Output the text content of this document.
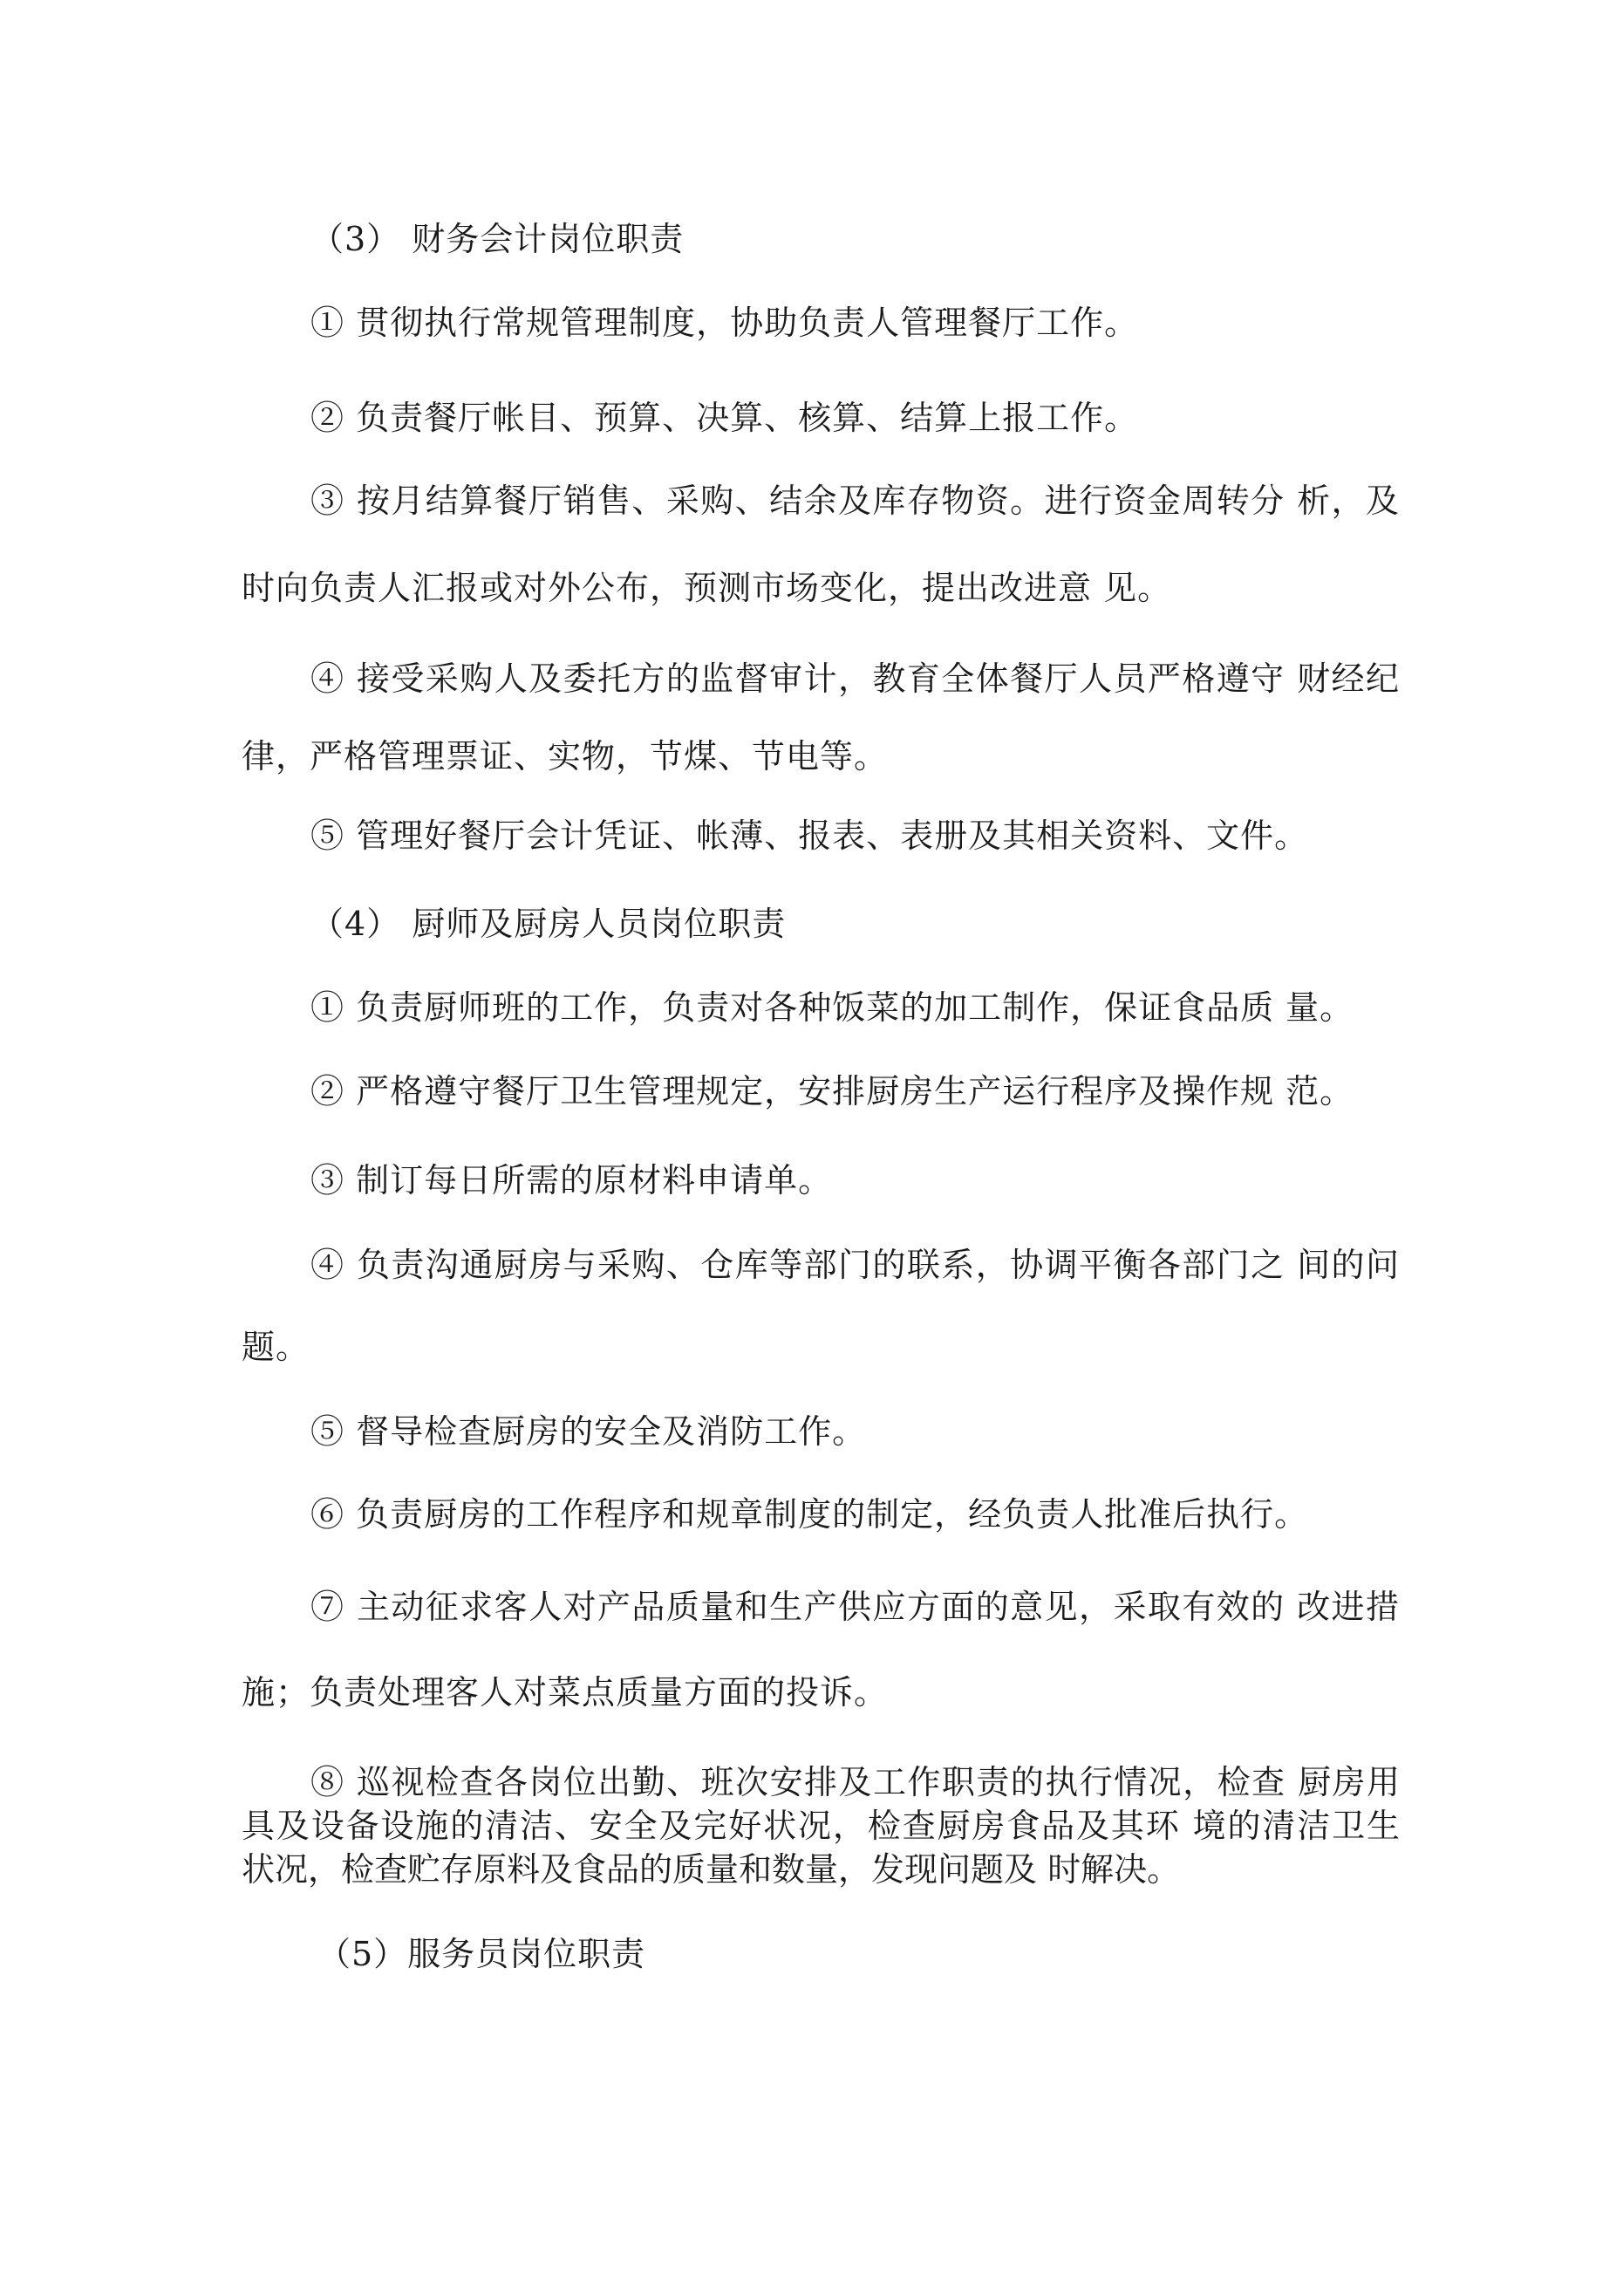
（3） 财务会计岗位职责

① 贯彻执行常规管理制度，协助负责人管理餐厅工作。

② 负责餐厅帐目、预算、决算、核算、结算上报工作。

③ 按月结算餐厅销售、采购、结余及库存物资。进行资金周转分 析，及

时向负责人汇报或对外公布，预测市场变化，提出改进意 见。

④ 接受采购人及委托方的监督审计，教育全体餐厅人员严格遵守 财经纪

律，严格管理票证、实物，节煤、节电等。

⑤ 管理好餐厅会计凭证、帐薄、报表、表册及其相关资料、文件。

（4） 厨师及厨房人员岗位职责

① 负责厨师班的工作，负责对各种饭菜的加工制作，保证食品质 量。

② 严格遵守餐厅卫生管理规定，安排厨房生产运行程序及操作规 范。

③ 制订每日所需的原材料申请单。

④ 负责沟通厨房与采购、仓库等部门的联系，协调平衡各部门之 间的问

题。

⑤ 督导检查厨房的安全及消防工作。

⑥ 负责厨房的工作程序和规章制度的制定，经负责人批准后执行。

⑦ 主动征求客人对产品质量和生产供应方面的意见，采取有效的 改进措

施；负责处理客人对菜点质量方面的投诉。

⑧ 巡视检查各岗位出勤、班次安排及工作职责的执行情况，检查 厨房用
具及设备设施的清洁、安全及完好状况，检查厨房食品及其环 境的清洁卫生
状况，检查贮存原料及食品的质量和数量，发现问题及 时解决。

（5）服务员岗位职责
